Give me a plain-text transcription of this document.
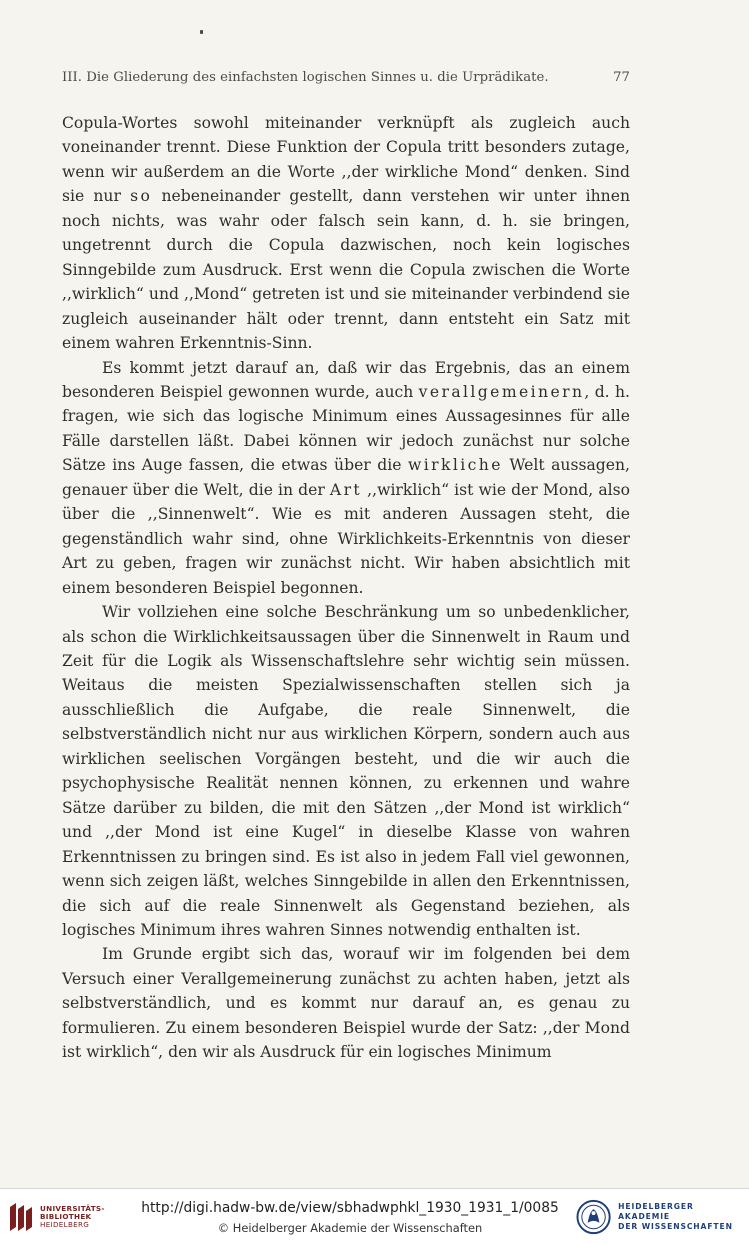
III. Die Gliederung des einfachsten logischen Sinnes u. die Urprädikate.	77

Copula-Wortes sowohl miteinander verknüpft als zugleich auch voneinander trennt. Diese Funktion der Copula tritt besonders zutage, wenn wir außerdem an die Worte ,,der wirkliche Mond“ denken. Sind sie nur so nebeneinander gestellt, dann verstehen wir unter ihnen noch nichts, was wahr oder falsch sein kann, d. h. sie bringen, ungetrennt durch die Copula dazwischen, noch kein logisches Sinngebilde zum Ausdruck. Erst wenn die Copula zwischen die Worte ,,wirklich“ und ,,Mond“ getreten ist und sie miteinander verbindend sie zugleich auseinander hält oder trennt, dann entsteht ein Satz mit einem wahren Erkenntnis-Sinn.

Es kommt jetzt darauf an, daß wir das Ergebnis, das an einem besonderen Beispiel gewonnen wurde, auch verallgemeinern, d. h. fragen, wie sich das logische Minimum eines Aussagesinnes für alle Fälle darstellen läßt. Dabei können wir jedoch zunächst nur solche Sätze ins Auge fassen, die etwas über die wirkliche Welt aussagen, genauer über die Welt, die in der Art ,,wirklich“ ist wie der Mond, also über die ,,Sinnenwelt“. Wie es mit anderen Aussagen steht, die gegenständlich wahr sind, ohne Wirklichkeits-Erkenntnis von dieser Art zu geben, fragen wir zunächst nicht. Wir haben absichtlich mit einem besonderen Beispiel begonnen.

Wir vollziehen eine solche Beschränkung um so unbedenklicher, als schon die Wirklichkeitsaussagen über die Sinnenwelt in Raum und Zeit für die Logik als Wissenschaftslehre sehr wichtig sein müssen. Weitaus die meisten Spezialwissenschaften stellen sich ja ausschließlich die Aufgabe, die reale Sinnenwelt, die selbstverständlich nicht nur aus wirklichen Körpern, sondern auch aus wirklichen seelischen Vorgängen besteht, und die wir auch die psychophysische Realität nennen können, zu erkennen und wahre Sätze darüber zu bilden, die mit den Sätzen ,,der Mond ist wirklich“ und ,,der Mond ist eine Kugel“ in dieselbe Klasse von wahren Erkenntnissen zu bringen sind. Es ist also in jedem Fall viel gewonnen, wenn sich zeigen läßt, welches Sinngebilde in allen den Erkenntnissen, die sich auf die reale Sinnenwelt als Gegenstand beziehen, als logisches Minimum ihres wahren Sinnes notwendig enthalten ist.

Im Grunde ergibt sich das, worauf wir im folgenden bei dem Versuch einer Verallgemeinerung zunächst zu achten haben, jetzt als selbstverständlich, und es kommt nur darauf an, es genau zu formulieren. Zu einem besonderen Beispiel wurde der Satz: ,,der Mond ist wirklich“, den wir als Ausdruck für ein logisches Minimum

UNIVERSITÄTS-
BIBLIOTHEK
HEIDELBERG
http://digi.hadw-bw.de/view/sbhadwphkl_1930_1931_1/0085
© Heidelberger Akademie der Wissenschaften
HEIDELBERGER AKADEMIE
DER WISSENSCHAFTEN
